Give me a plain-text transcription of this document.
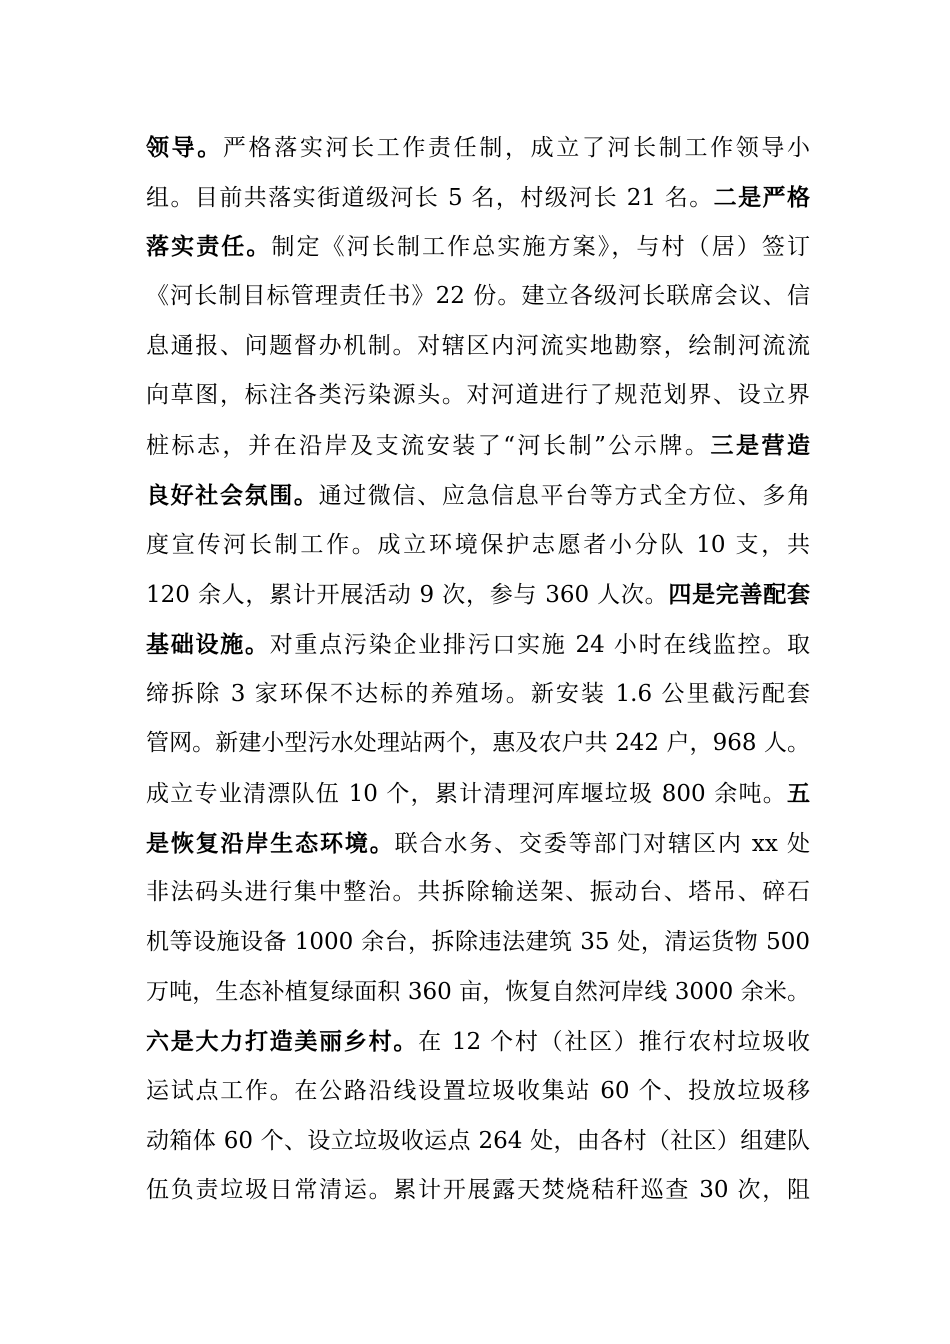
领导。严格落实河长工作责任制，成立了河长制工作领导小
组。目前共落实街道级河长 5 名，村级河长 21 名。二是严格
落实责任。制定《河长制工作总实施方案》，与村（居）签订
《河长制目标管理责任书》22 份。建立各级河长联席会议、信
息通报、问题督办机制。对辖区内河流实地勘察，绘制河流流
向草图，标注各类污染源头。对河道进行了规范划界、设立界
桩标志，并在沿岸及支流安装了“河长制”公示牌。三是营造
良好社会氛围。通过微信、应急信息平台等方式全方位、多角
度宣传河长制工作。成立环境保护志愿者小分队 10 支，共
120 余人，累计开展活动 9 次，参与 360 人次。四是完善配套
基础设施。对重点污染企业排污口实施 24 小时在线监控。取
缔拆除 3 家环保不达标的养殖场。新安装 1.6 公里截污配套
管网。新建小型污水处理站两个，惠及农户共 242 户，968 人。
成立专业清漂队伍 10 个，累计清理河库堰垃圾 800 余吨。五
是恢复沿岸生态环境。联合水务、交委等部门对辖区内 xx 处
非法码头进行集中整治。共拆除输送架、振动台、塔吊、碎石
机等设施设备 1000 余台，拆除违法建筑 35 处，清运货物 500
万吨，生态补植复绿面积 360 亩，恢复自然河岸线 3000 余米。
六是大力打造美丽乡村。在 12 个村（社区）推行农村垃圾收
运试点工作。在公路沿线设置垃圾收集站 60 个、投放垃圾移
动箱体 60 个、设立垃圾收运点 264 处，由各村（社区）组建队
伍负责垃圾日常清运。累计开展露天焚烧秸秆巡查 30 次，阻
